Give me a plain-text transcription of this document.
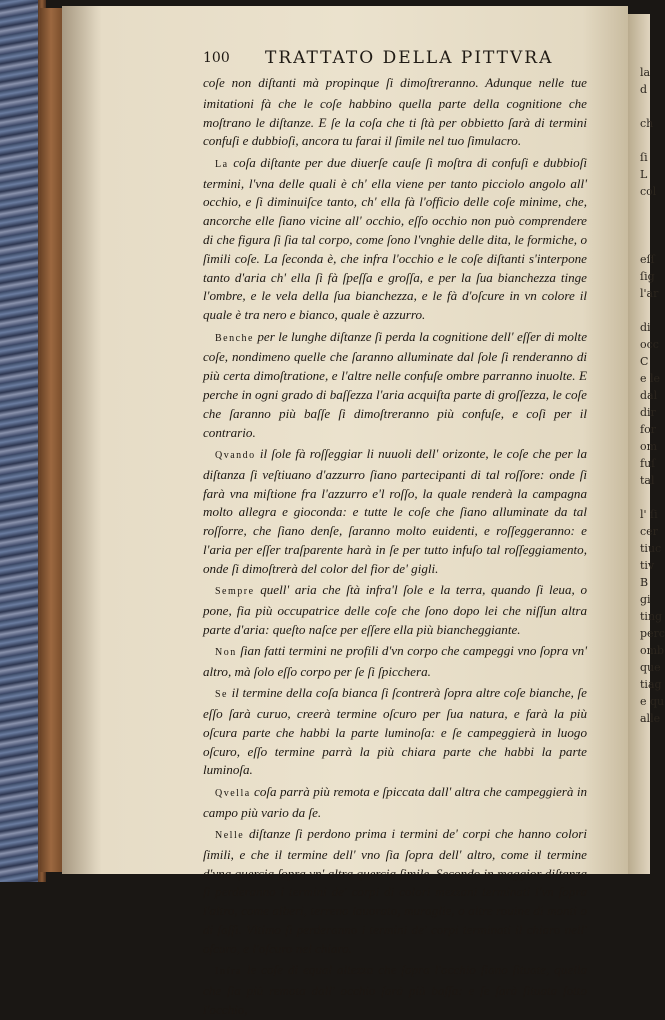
la
d

ch

ſi
L
col

eſſ
ſig
l'ar

di
occ
C
e le
dal
dir
for
om
fuſ
tal

l' ſi
cer
tiuc
tiv
B
gi
ting
perc
omb
que
tiag
e qu
alle

100 TRATTATO DELLA PITTVRA

coſe non diſtanti mà propinque ſi dimoſtreranno. Adunque nelle tue imitationi fà che le coſe habbino quella parte della cognitione che moſtrano le diſtanze. E ſe la coſa che ti ſtà per obbietto ſarà di termini confuſi e dubbioſi, ancora tu farai il ſimile nel tuo ſimulacro.

La coſa diſtante per due diuerſe cauſe ſi moſtra di confuſi e dubbioſi termini, l'vna delle quali è ch' ella viene per tanto picciolo angolo all' occhio, e ſi diminuiſce tanto, ch' ella fà l'officio delle coſe minime, che, ancorche elle ſiano vicine all' occhio, eſſo occhio non può comprendere di che figura ſi ſia tal corpo, come ſono l'vnghie delle dita, le formiche, o ſimili coſe. La ſeconda è, che infra l'occhio e le coſe diſtanti s'interpone tanto d'aria ch' ella ſi fà ſpeſſa e groſſa, e per la ſua bianchezza tinge l'ombre, e le vela della ſua bianchezza, e le fà d'oſcure in vn colore il quale è tra nero e bianco, quale è azzurro.

Benche per le lunghe diſtanze ſi perda la cognitione dell' eſſer di molte coſe, nondimeno quelle che ſaranno alluminate dal ſole ſi renderanno di più certa dimoſtratione, e l'altre nelle confuſe ombre parranno inuolte. E perche in ogni grado di baſſezza l'aria acquiſta parte di groſſezza, le coſe che ſaranno più baſſe ſi dimoſtreranno più confuſe, e coſi per il contrario.

Qvando il ſole fà roſſeggiar li nuuoli dell' orizonte, le coſe che per la diſtanza ſi veſtiuano d'azzurro ſiano partecipanti di tal roſſore: onde ſi farà vna miſtione fra l'azzurro e'l roſſo, la quale renderà la campagna molto allegra e gioconda: e tutte le coſe che ſiano alluminate da tal roſſorre, che ſiano denſe, ſaranno molto euidenti, e roſſeggeranno: e l'aria per eſſer traſparente harà in ſe per tutto infuſo tal roſſeggiamento, onde ſi dimoſtrerà del color del fior de' gigli.

Sempre quell' aria che ſtà infra'l ſole e la terra, quando ſi leua, o pone, fia più occupatrice delle coſe che ſono dopo lei che niſſun altra parte d'aria: queſto naſce per eſſere ella più biancheggiante.

Non ſian fatti termini ne profili d'vn corpo che campeggi vno ſopra vn' altro, mà ſolo eſſo corpo per ſe ſi ſpicchera.

Se il termine della coſa bianca ſi ſcontrerà ſopra altre coſe bianche, ſe eſſo ſarà curuo, creerà termine oſcuro per ſua natura, e farà la più oſcura parte che habbi la parte luminoſa: e ſe campeggierà in luogo oſcuro, eſſo termine parrà la più chiara parte che habbi la parte luminoſa.

Qvella coſa parrà più remota e ſpiccata dall' altra che campeggierà in campo più vario da ſe.

Nelle diſtanze ſi perdono prima i termini de' corpi che hanno colori ſimili, e che il termine dell' vno ſia ſopra dell' altro, come il termine d'vna quercia ſopra vn' altra quercia ſimile. Secondo in maggior diſtanza ſi perderanno i termini de' corpi di colori mezzani terminati l'vn ſopra l'altro, come alberi, terreno lauorato, muraglie, o altre rouine di monti o di ſaſſi. Vltimo ſi perderanno i termini de' corpi terminati il chiaro nell' oſcuro, e l'oſcuro nel chiaro.

Infra le coſe di equal altezza che ſopra l'occhio ſiano ſituate, quella che ſia più remota dall' occhio ſarà più baſſa: e ſe ſarà ſituata ſotto l'occhio,
